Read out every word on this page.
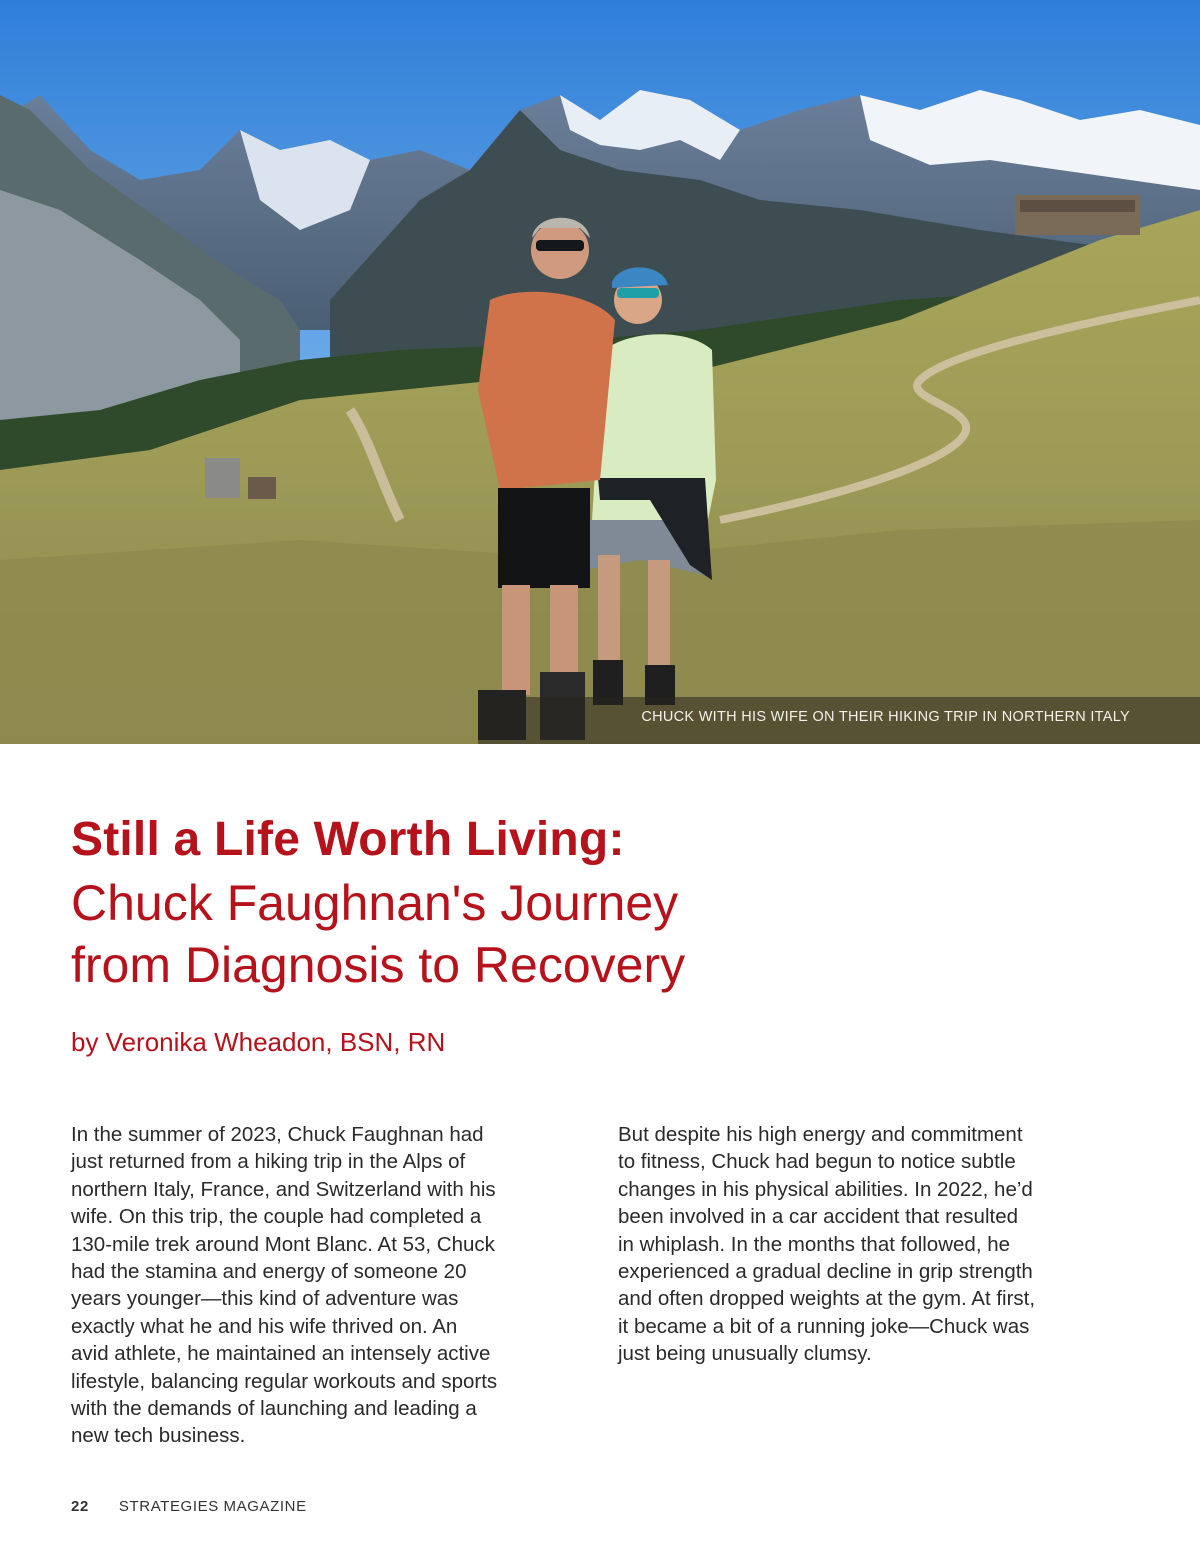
CHUCK WITH HIS WIFE ON THEIR HIKING TRIP IN NORTHERN ITALY
Still a Life Worth Living:
Chuck Faughnan's Journey
from Diagnosis to Recovery
by Veronika Wheadon, BSN, RN
In the summer of 2023, Chuck Faughnan had
just returned from a hiking trip in the Alps of
northern Italy, France, and Switzerland with his
wife. On this trip, the couple had completed a
130-mile trek around Mont Blanc. At 53, Chuck
had the stamina and energy of someone 20
years younger—this kind of adventure was
exactly what he and his wife thrived on. An
avid athlete, he maintained an intensely active
lifestyle, balancing regular workouts and sports
with the demands of launching and leading a
new tech business.
But despite his high energy and commitment
to fitness, Chuck had begun to notice subtle
changes in his physical abilities. In 2022, he’d
been involved in a car accident that resulted
in whiplash. In the months that followed, he
experienced a gradual decline in grip strength
and often dropped weights at the gym. At first,
it became a bit of a running joke—Chuck was
just being unusually clumsy.
22 STRATEGIES MAGAZINE
